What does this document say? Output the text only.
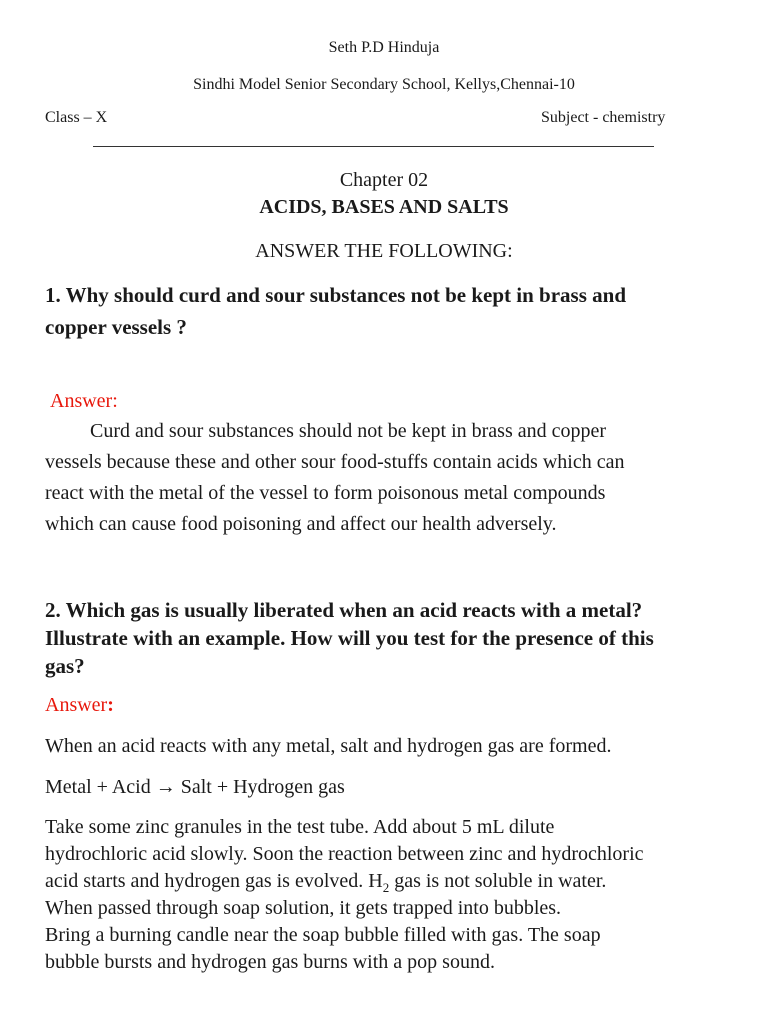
Seth P.D Hinduja
Sindhi Model Senior Secondary School, Kellys,Chennai-10
Class – X	Subject - chemistry
Chapter 02
ACIDS, BASES AND SALTS
ANSWER THE FOLLOWING:
1. Why should curd and sour substances not be kept in brass and
copper vessels ?
Answer:
Curd and sour substances should not be kept in brass and copper
vessels because these and other sour food-stuffs contain acids which can
react with the metal of the vessel to form poisonous metal compounds
which can cause food poisoning and affect our health adversely.
2. Which gas is usually liberated when an acid reacts with a metal?
Illustrate with an example. How will you test for the presence of this
gas?
Answer:
When an acid reacts with any metal, salt and hydrogen gas are formed.
Metal + Acid → Salt + Hydrogen gas
Take some zinc granules in the test tube. Add about 5 mL dilute
hydrochloric acid slowly. Soon the reaction between zinc and hydrochloric
acid starts and hydrogen gas is evolved. $H_2$ gas is not soluble in water.
When passed through soap solution, it gets trapped into bubbles.
Bring a burning candle near the soap bubble filled with gas. The soap
bubble bursts and hydrogen gas burns with a pop sound.
